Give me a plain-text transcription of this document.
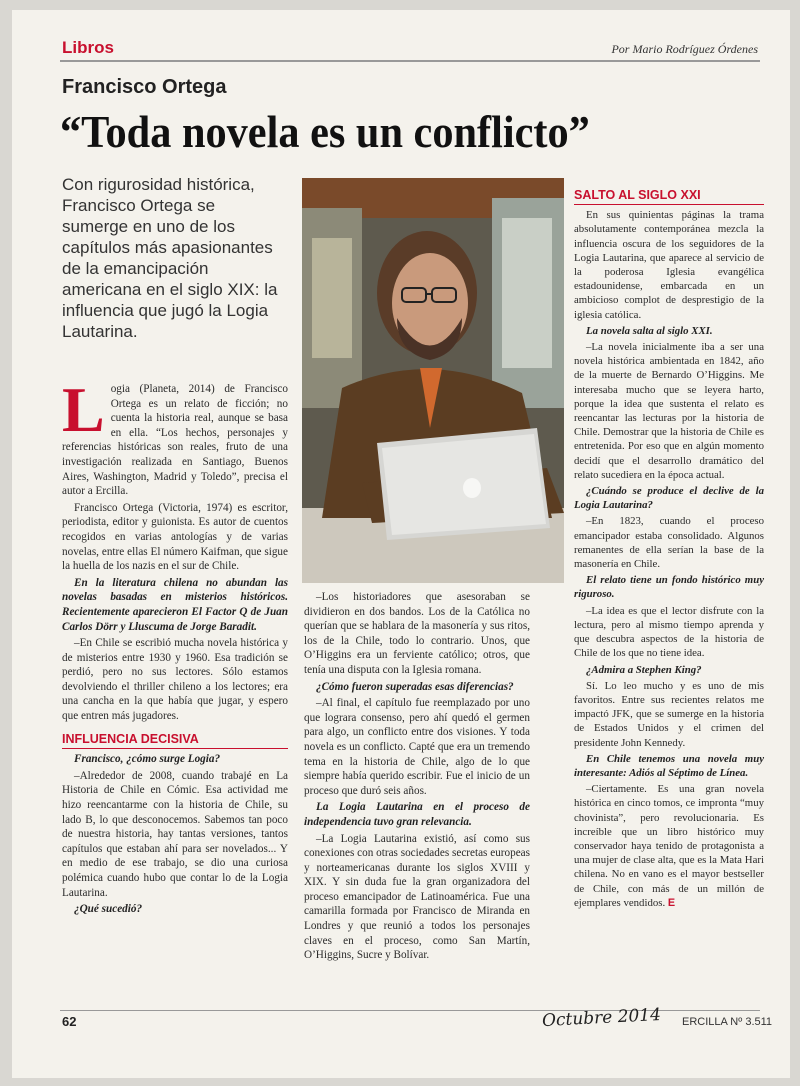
Libros	Por Mario Rodríguez Órdenes
Francisco Ortega
“Toda novela es un conflicto”
Con rigurosidad histórica, Francisco Ortega se sumerge en uno de los capítulos más apasionantes de la emancipación americana en el siglo XIX: la influencia que jugó la Logia Lautarina.

Logia (Planeta, 2014) de Francisco Ortega es un relato de ficción; no cuenta la historia real, aunque se basa en ella. “Los hechos, personajes y referencias históricas son reales, fruto de una investigación realizada en Santiago, Buenos Aires, Washington, Madrid y Toledo”, precisa el autor a Ercilla.

Francisco Ortega (Victoria, 1974) es escritor, periodista, editor y guionista. Es autor de cuentos recogidos en varias antologías y de varias novelas, entre ellas El número Kaifman, que sigue la huella de los nazis en el sur de Chile.

En la literatura chilena no abundan las novelas basadas en misterios históricos. Recientemente aparecieron El Factor Q de Juan Carlos Dörr y Lluscuma de Jorge Baradit.

–En Chile se escribió mucha novela histórica y de misterios entre 1930 y 1960. Esa tradición se perdió, pero no sus lectores. Sólo estamos devolviendo el thriller chileno a los lectores; era una cancha en la que había que jugar, y espero que entren más jugadores.

INFLUENCIA DECISIVA

Francisco, ¿cómo surge Logia?

–Alrededor de 2008, cuando trabajé en La Historia de Chile en Cómic. Esa actividad me hizo reencantarme con la historia de Chile, su lado B, lo que desconocemos. Sabemos tan poco de nuestra historia, hay tantas versiones, tantos capítulos que estaban ahí para ser novelados... Y en medio de ese trabajo, se dio una curiosa polémica cuando hubo que contar lo de la Logia Lautarina.

¿Qué sucedió?

–Los historiadores que asesoraban se dividieron en dos bandos. Los de la Católica no querían que se hablara de la masonería y sus ritos, los de la Chile, todo lo contrario. Unos, que O’Higgins era un ferviente católico; otros, que tenía una disputa con la Iglesia romana.

¿Cómo fueron superadas esas diferencias?

–Al final, el capítulo fue reemplazado por uno que lograra consenso, pero ahí quedó el germen para algo, un conflicto entre dos visiones. Y toda novela es un conflicto. Capté que era un tremendo tema en la historia de Chile, algo de lo que siempre había querido escribir. Fue el inicio de un proceso que duró seis años.

La Logia Lautarina en el proceso de independencia tuvo gran relevancia.

–La Logia Lautarina existió, así como sus conexiones con otras sociedades secretas europeas y norteamericanas durante los siglos XVIII y XIX. Y sin duda fue la gran organizadora del proceso emancipador de Latinoamérica. Fue una camarilla formada por Francisco de Miranda en Londres y que reunió a todos los personajes claves en el proceso, como San Martín, O’Higgins, Sucre y Bolívar.

SALTO AL SIGLO XXI

En sus quinientas páginas la trama absolutamente contemporánea mezcla la influencia oscura de los seguidores de la Logia Lautarina, que aparece al servicio de la poderosa Iglesia evangélica estadounidense, embarcada en un ambicioso complot de desprestigio de la iglesia católica.

La novela salta al siglo XXI.

–La novela inicialmente iba a ser una novela histórica ambientada en 1842, año de la muerte de Bernardo O’Higgins. Me interesaba mucho que se leyera harto, porque la idea que sustenta el relato es reencantar las lecturas por la historia de Chile. Demostrar que la historia de Chile es entretenida. Por eso que en algún momento decidí que el desarrollo dramático del relato sucediera en la época actual.

¿Cuándo se produce el declive de la Logia Lautarina?

–En 1823, cuando el proceso emancipador estaba consolidado. Algunos remanentes de ella serían la base de la masonería en Chile.

El relato tiene un fondo histórico muy riguroso.

–La idea es que el lector disfrute con la lectura, pero al mismo tiempo aprenda y que descubra aspectos de la historia de Chile de los que no tiene idea.

¿Admira a Stephen King?

Sí. Lo leo mucho y es uno de mis favoritos. Entre sus recientes relatos me impactó JFK, que se sumerge en la historia de Estados Unidos y el crimen del presidente John Kennedy.

En Chile tenemos una novela muy interesante: Adiós al Séptimo de Línea.

–Ciertamente. Es una gran novela histórica en cinco tomos, ce impronta “muy chovinista”, pero revolucionaria. Es increíble que un libro histórico muy conservador haya tenido de protagonista a una mujer de clase alta, que es la Mata Hari chilena. No en vano es el mayor bestseller de Chile, con más de un millón de ejemplares vendidos. E

62	Octubre 2014 ERCILLA Nº 3.511
